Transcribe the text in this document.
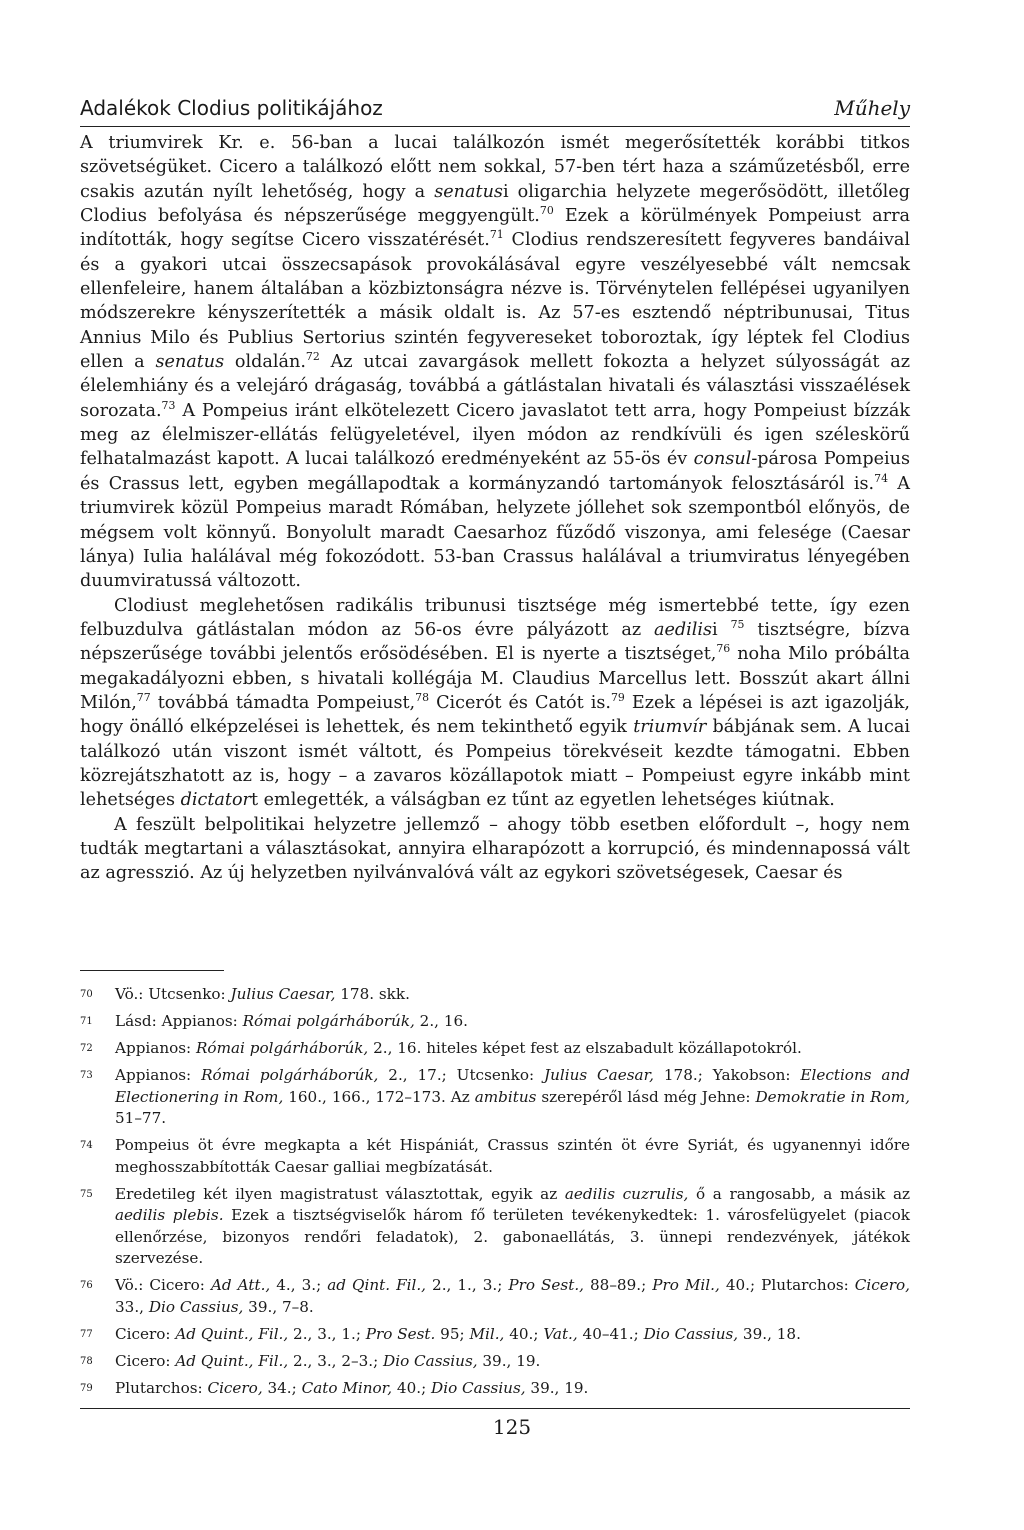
Adalékok Clodius politikájához	Műhely

A triumvirek Kr. e. 56-ban a lucai találkozón ismét megerősítették korábbi titkos szövetségüket. Cicero a találkozó előtt nem sokkal, 57-ben tért haza a száműzetésből, erre csakis azután nyílt lehetőség, hogy a senatusi oligarchia helyzete megerősödött, illetőleg Clodius befolyása és népszerűsége meggyengült.$^{70}$ Ezek a körülmények Pompeiust arra indították, hogy segítse Cicero visszatérését.$^{71}$ Clodius rendszeresített fegyveres bandáival és a gyakori utcai összecsapások provokálásával egyre veszélyesebbé vált nemcsak ellenfeleire, hanem általában a közbiztonságra nézve is. Törvénytelen fellépései ugyanilyen módszerekre kényszerítették a másik oldalt is. Az 57-es esztendő néptribunusai, Titus Annius Milo és Publius Sertorius szintén fegyvereseket toboroztak, így léptek fel Clodius ellen a senatus oldalán.$^{72}$ Az utcai zavargások mellett fokozta a helyzet súlyosságát az élelemhiány és a velejáró drágaság, továbbá a gátlástalan hivatali és választási visszaélések sorozata.$^{73}$ A Pompeius iránt elkötelezett Cicero javaslatot tett arra, hogy Pompeiust bízzák meg az élelmiszer-ellátás felügyeletével, ilyen módon az rendkívüli és igen széleskörű felhatalmazást kapott. A lucai találkozó eredményeként az 55-ös év consul-párosa Pompeius és Crassus lett, egyben megállapodtak a kormányzandó tartományok felosztásáról is.$^{74}$ A triumvirek közül Pompeius maradt Rómában, helyzete jóllehet sok szempontból előnyös, de mégsem volt könnyű. Bonyolult maradt Caesarhoz fűződő viszonya, ami felesége (Caesar lánya) Iulia halálával még fokozódott. 53-ban Crassus halálával a triumviratus lényegében duumviratussá változott.

Clodiust meglehetősen radikális tribunusi tisztsége még ismertebbé tette, így ezen felbuzdulva gátlástalan módon az 56-os évre pályázott az aedilisi $^{75}$ tisztségre, bízva népszerűsége további jelentős erősödésében. El is nyerte a tisztséget,$^{76}$ noha Milo próbálta megakadályozni ebben, s hivatali kollégája M. Claudius Marcellus lett. Bosszút akart állni Milón,$^{77}$ továbbá támadta Pompeiust,$^{78}$ Cicerót és Catót is.$^{79}$ Ezek a lépései is azt igazolják, hogy önálló elképzelései is lehettek, és nem tekinthető egyik triumvír bábjának sem. A lucai találkozó után viszont ismét váltott, és Pompeius törekvéseit kezdte támogatni. Ebben közrejátszhatott az is, hogy – a zavaros közállapotok miatt – Pompeiust egyre inkább mint lehetséges dictatort emlegették, a válságban ez tűnt az egyetlen lehetséges kiútnak.

A feszült belpolitikai helyzetre jellemző – ahogy több esetben előfordult –, hogy nem tudták megtartani a választásokat, annyira elharapózott a korrupció, és mindennapossá vált az agresszió. Az új helyzetben nyilvánvalóvá vált az egykori szövetségesek, Caesar és

70 Vö.: Utcsenko: Julius Caesar, 178. skk.
71 Lásd: Appianos: Római polgárháborúk, 2., 16.
72 Appianos: Római polgárháborúk, 2., 16. hiteles képet fest az elszabadult közállapotokról.
73 Appianos: Római polgárháborúk, 2., 17.; Utcsenko: Julius Caesar, 178.; Yakobson: Elections and Electionering in Rom, 160., 166., 172–173. Az ambitus szerepéről lásd még Jehne: Demokratie in Rom, 51–77.
74 Pompeius öt évre megkapta a két Hispániát, Crassus szintén öt évre Syriát, és ugyanennyi időre meghosszabbították Caesar galliai megbízatását.
75 Eredetileg két ilyen magistratust választottak, egyik az aedilis cuzrulis, ő a rangosabb, a másik az aedilis plebis. Ezek a tisztségviselők három fő területen tevékenykedtek: 1. városfelügyelet (piacok ellenőrzése, bizonyos rendőri feladatok), 2. gabonaellátás, 3. ünnepi rendezvények, játékok szervezése.
76 Vö.: Cicero: Ad Att., 4., 3.; ad Qint. Fil., 2., 1., 3.; Pro Sest., 88–89.; Pro Mil., 40.; Plutarchos: Cicero, 33., Dio Cassius, 39., 7–8.
77 Cicero: Ad Quint., Fil., 2., 3., 1.; Pro Sest. 95; Mil., 40.; Vat., 40–41.; Dio Cassius, 39., 18.
78 Cicero: Ad Quint., Fil., 2., 3., 2–3.; Dio Cassius, 39., 19.
79 Plutarchos: Cicero, 34.; Cato Minor, 40.; Dio Cassius, 39., 19.
125
